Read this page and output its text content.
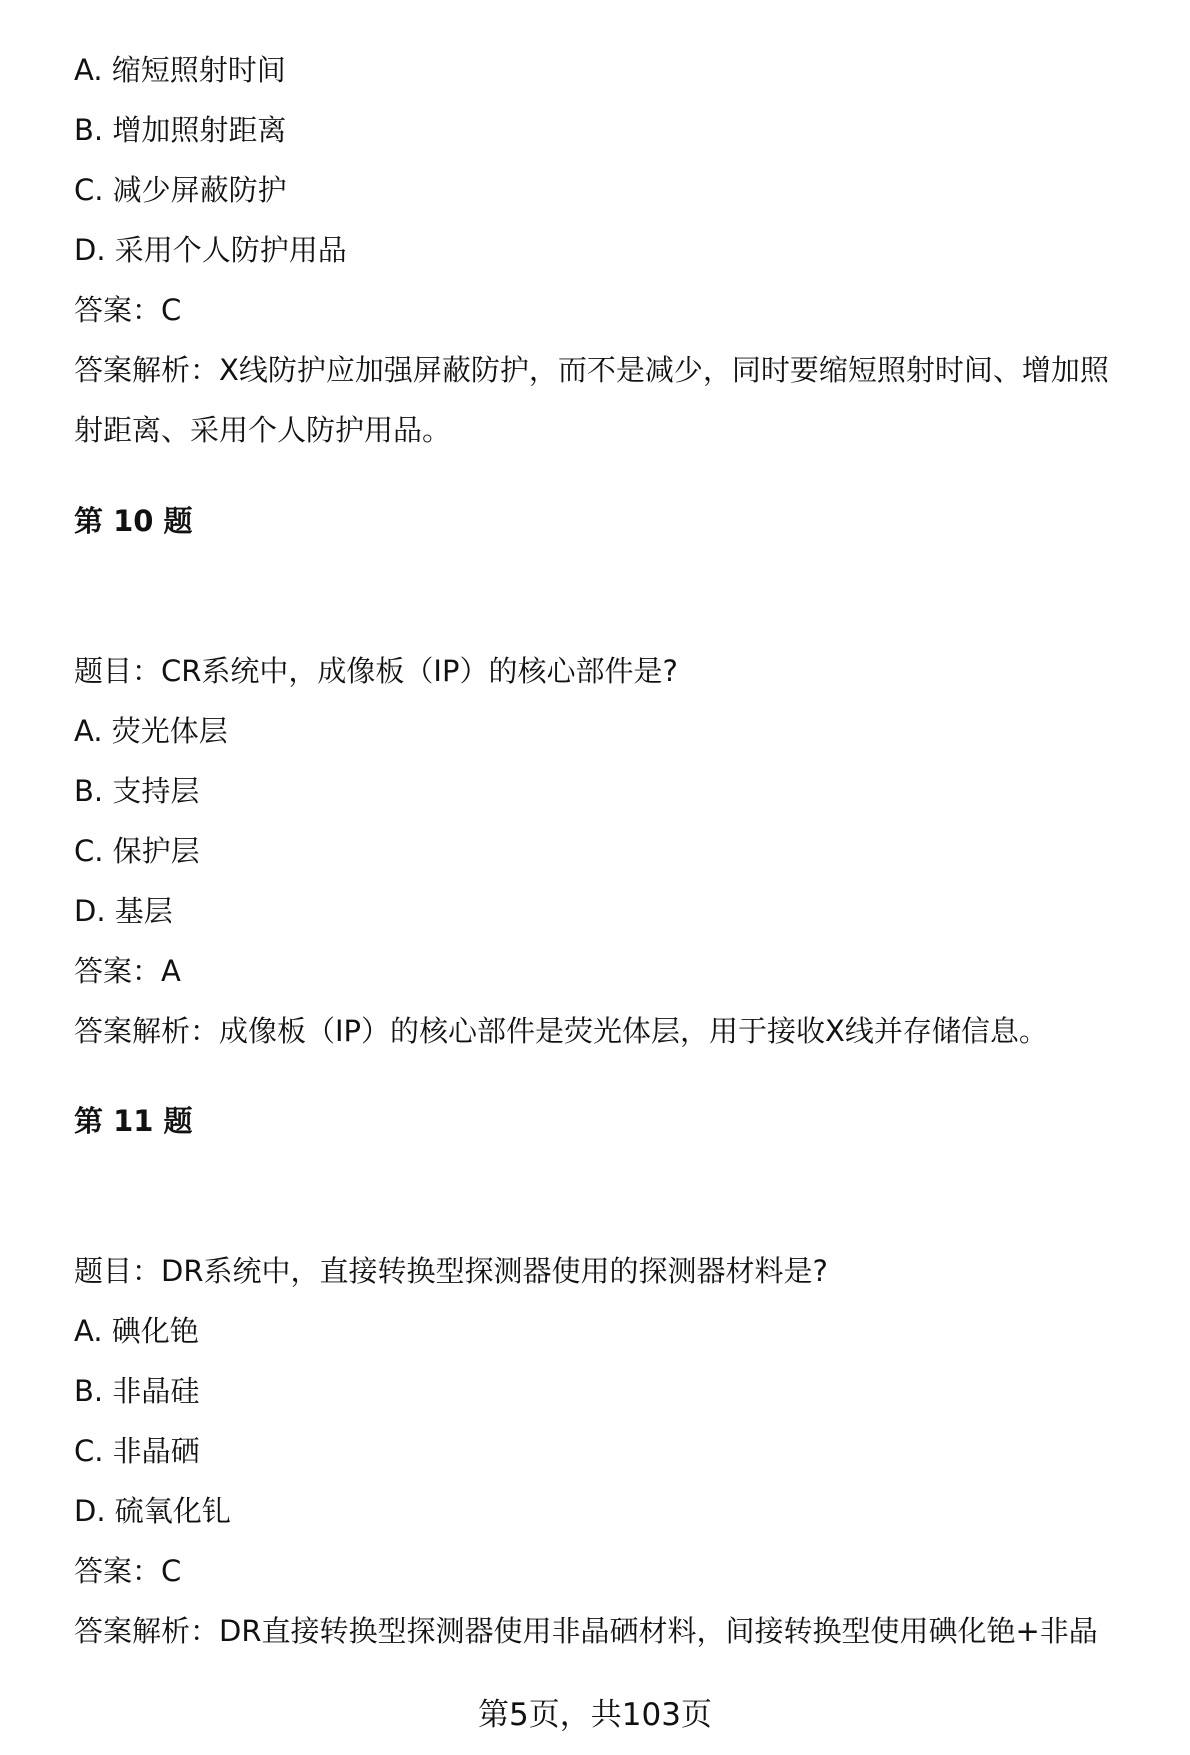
A. 缩短照射时间
B. 增加照射距离
C. 减少屏蔽防护
D. 采用个人防护用品
答案：C
答案解析：X线防护应加强屏蔽防护，而不是减少，同时要缩短照射时间、增加照
射距离、采用个人防护用品。
第 10 题
题目：CR系统中，成像板（IP）的核心部件是?
A. 荧光体层
B. 支持层
C. 保护层
D. 基层
答案：A
答案解析：成像板（IP）的核心部件是荧光体层，用于接收X线并存储信息。
第 11 题
题目：DR系统中，直接转换型探测器使用的探测器材料是?
A. 碘化铯
B. 非晶硅
C. 非晶硒
D. 硫氧化钆
答案：C
答案解析：DR直接转换型探测器使用非晶硒材料，间接转换型使用碘化铯+非晶
第5页，共103页
